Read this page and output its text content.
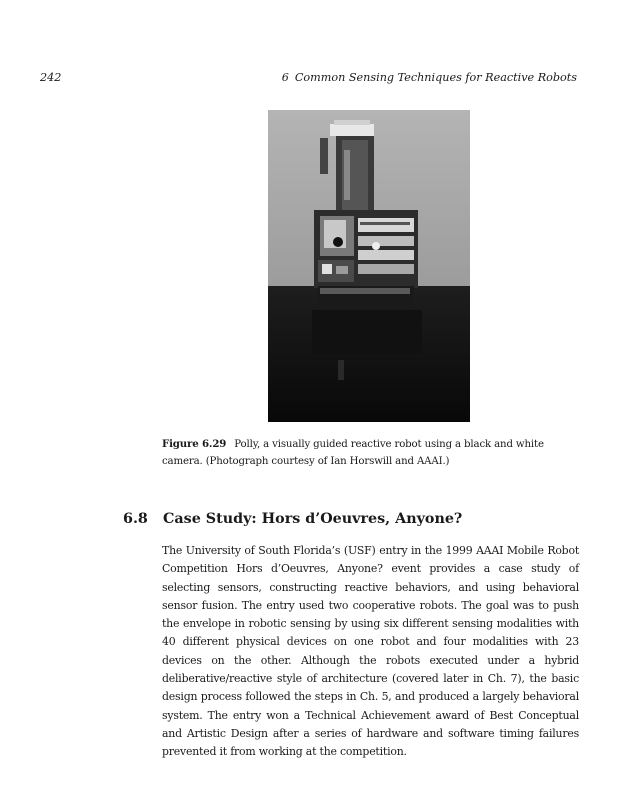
242	6 Common Sensing Techniques for Reactive Robots
Figure 6.29 Polly, a visually guided reactive robot using a black and white camera. (Photograph courtesy of Ian Horswill and AAAI.)
6.8 Case Study: Hors d’Oeuvres, Anyone?

The University of South Florida’s (USF) entry in the 1999 AAAI Mobile Robot Competition Hors d’Oeuvres, Anyone? event provides a case study of selecting sensors, constructing reactive behaviors, and using behavioral sensor fusion. The entry used two cooperative robots. The goal was to push the envelope in robotic sensing by using six different sensing modalities with 40 different physical devices on one robot and four modalities with 23 devices on the other. Although the robots executed under a hybrid deliberative/reactive style of architecture (covered later in Ch. 7), the basic design process followed the steps in Ch. 5, and produced a largely behavioral system. The entry won a Technical Achievement award of Best Conceptual and Artistic Design after a series of hardware and software timing failures prevented it from working at the competition.
